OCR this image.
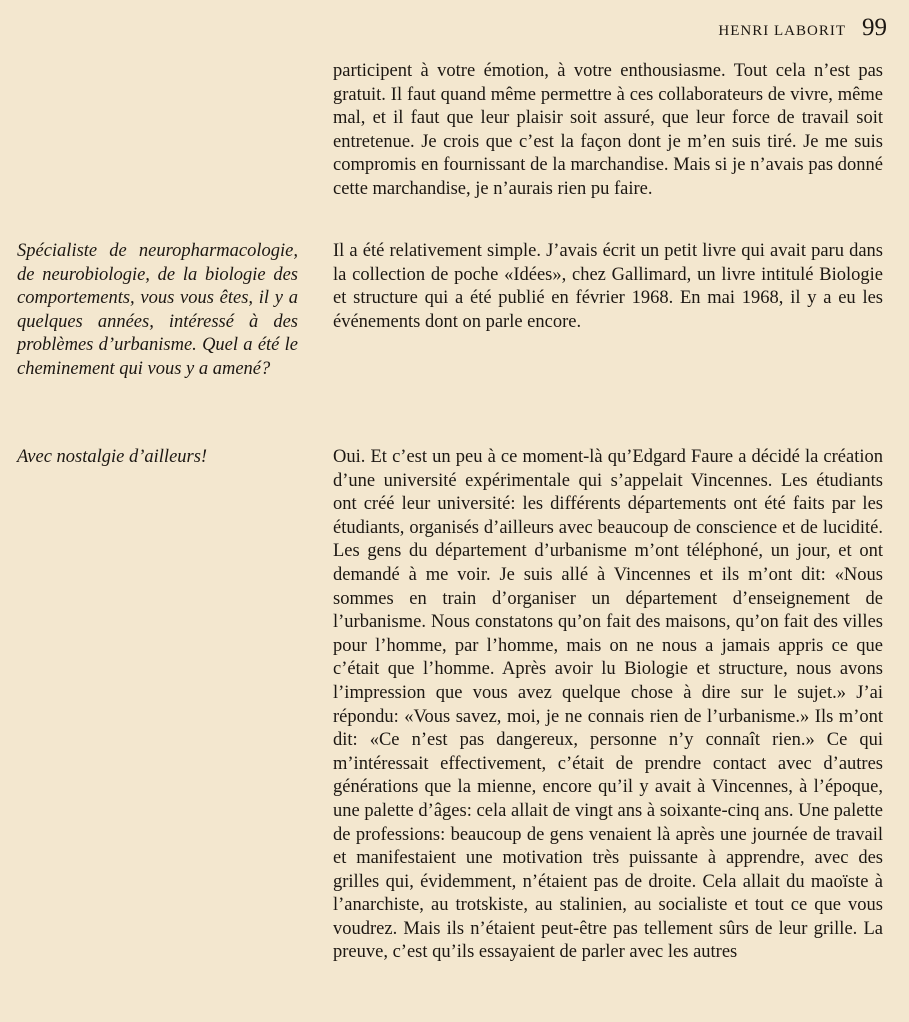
HENRI LABORIT 99

participent à votre émotion, à votre enthousiasme. Tout cela n’est pas gratuit. Il faut quand même permettre à ces collaborateurs de vivre, même mal, et il faut que leur plaisir soit assuré, que leur force de travail soit entretenue. Je crois que c’est la façon dont je m’en suis tiré. Je me suis compromis en fournissant de la marchandise. Mais si je n’avais pas donné cette marchandise, je n’aurais rien pu faire.

Spécialiste de neuropharmacologie, de neurobiologie, de la biologie des comportements, vous vous êtes, il y a quelques années, intéressé à des problèmes d’urbanisme. Quel a été le cheminement qui vous y a amené?

Il a été relativement simple. J’avais écrit un petit livre qui avait paru dans la collection de poche «Idées», chez Gallimard, un livre intitulé Biologie et structure qui a été publié en février 1968. En mai 1968, il y a eu les événements dont on parle encore.

Avec nostalgie d’ailleurs!	Oui. Et c’est un peu à ce moment-là qu’Edgard Faure a décidé la création d’une université expérimentale qui s’appelait Vincennes. Les étudiants ont créé leur université: les différents départements ont été faits par les étudiants, organisés d’ailleurs avec beaucoup de conscience et de lucidité. Les gens du département d’urbanisme m’ont téléphoné, un jour, et ont demandé à me voir. Je suis allé à Vincennes et ils m’ont dit: «Nous sommes en train d’organiser un département d’enseignement de l’urbanisme. Nous constatons qu’on fait des maisons, qu’on fait des villes pour l’homme, par l’homme, mais on ne nous a jamais appris ce que c’était que l’homme. Après avoir lu Biologie et structure, nous avons l’impression que vous avez quelque chose à dire sur le sujet.» J’ai répondu: «Vous savez, moi, je ne connais rien de l’urbanisme.» Ils m’ont dit: «Ce n’est pas dangereux, personne n’y connaît rien.» Ce qui m’intéressait effectivement, c’était de prendre contact avec d’autres générations que la mienne, encore qu’il y avait à Vincennes, à l’époque, une palette d’âges: cela allait de vingt ans à soixante-cinq ans. Une palette de professions: beaucoup de gens venaient là après une journée de travail et manifestaient une motivation très puissante à apprendre, avec des grilles qui, évidemment, n’étaient pas de droite. Cela allait du maoïste à l’anarchiste, au trotskiste, au stalinien, au socialiste et tout ce que vous voudrez. Mais ils n’étaient peut-être pas tellement sûrs de leur grille. La preuve, c’est qu’ils essayaient de parler avec les autres
